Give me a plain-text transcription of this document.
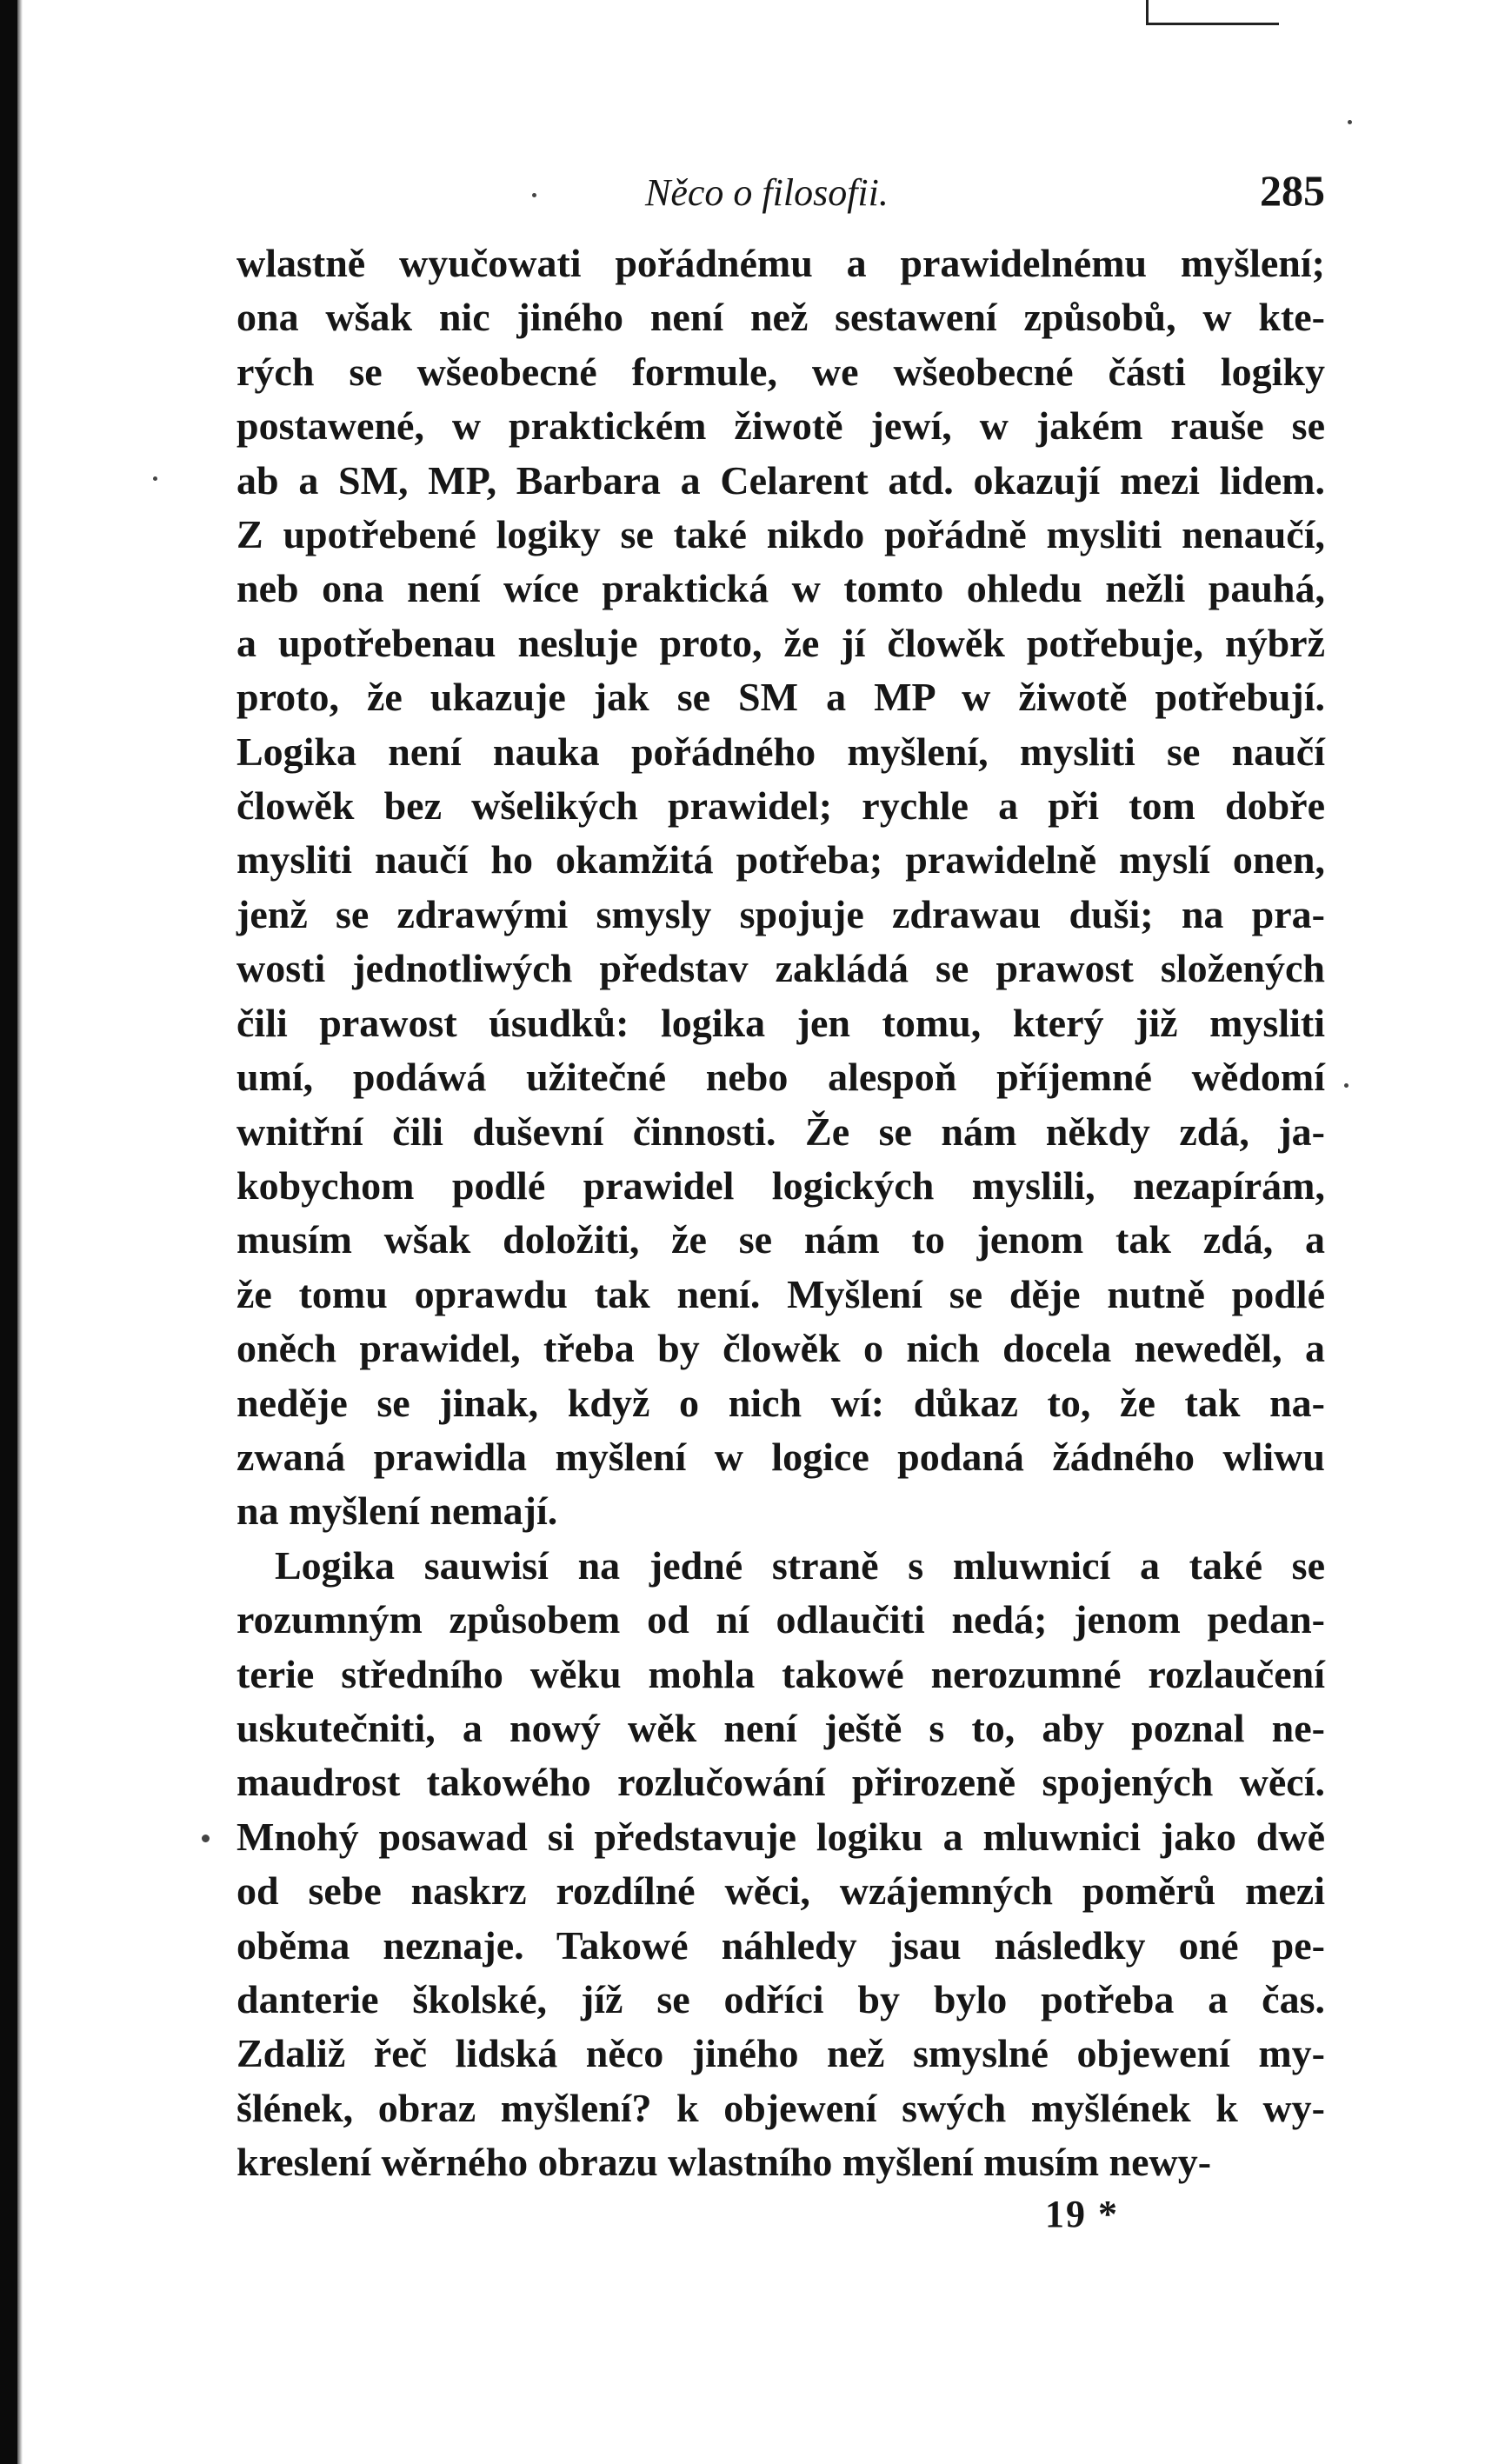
Něco o filosofii.	285

wlastně wyučowati pořádnému a prawidelnému myšlení;
ona wšak nic jiného není než sestawení způsobů, w kte-
rých se wšeobecné formule, we wšeobecné části logiky
postawené, w praktickém žiwotě jewí, w jakém rauše se
ab a SM, MP, Barbara a Celarent atd. okazují mezi lidem.
Z upotřebené logiky se také nikdo pořádně mysliti nenaučí,
neb ona není wíce praktická w tomto ohledu nežli pauhá,
a upotřebenau nesluje proto, že jí člowěk potřebuje, nýbrž
proto, že ukazuje jak se SM a MP w žiwotě potřebují.
Logika není nauka pořádného myšlení, mysliti se naučí
člowěk bez wšelikých prawidel; rychle a při tom dobře
mysliti naučí ho okamžitá potřeba; prawidelně myslí onen,
jenž se zdrawými smysly spojuje zdrawau duši; na pra-
wosti jednotliwých představ zakládá se prawost složených
čili prawost úsudků: logika jen tomu, který již mysliti
umí, podáwá užitečné nebo alespoň příjemné wědomí
wnitřní čili duševní činnosti. Že se nám někdy zdá, ja-
kobychom podlé prawidel logických myslili, nezapírám,
musím wšak doložiti, že se nám to jenom tak zdá, a
že tomu oprawdu tak není. Myšlení se děje nutně podlé
oněch prawidel, třeba by člowěk o nich docela neweděl, a
neděje se jinak, když o nich wí: důkaz to, že tak na-
zwaná prawidla myšlení w logice podaná žádného wliwu
na myšlení nemají.

Logika sauwisí na jedné straně s mluwnicí a také se
rozumným způsobem od ní odlaučiti nedá; jenom pedan-
terie středního wěku mohla takowé nerozumné rozlaučení
uskutečniti, a nowý wěk není ještě s to, aby poznal ne-
maudrost takowého rozlučowání přirozeně spojených wěcí.
Mnohý posawad si představuje logiku a mluwnici jako dwě
od sebe naskrz rozdílné wěci, wzájemných poměrů mezi
oběma neznaje. Takowé náhledy jsau následky oné pe-
danterie školské, jíž se odříci by bylo potřeba a čas.
Zdaliž řeč lidská něco jiného než smyslné objewení my-
šlének, obraz myšlení? k objewení swých myšlének k wy-
kreslení wěrného obrazu wlastního myšlení musím newy-

19 *
